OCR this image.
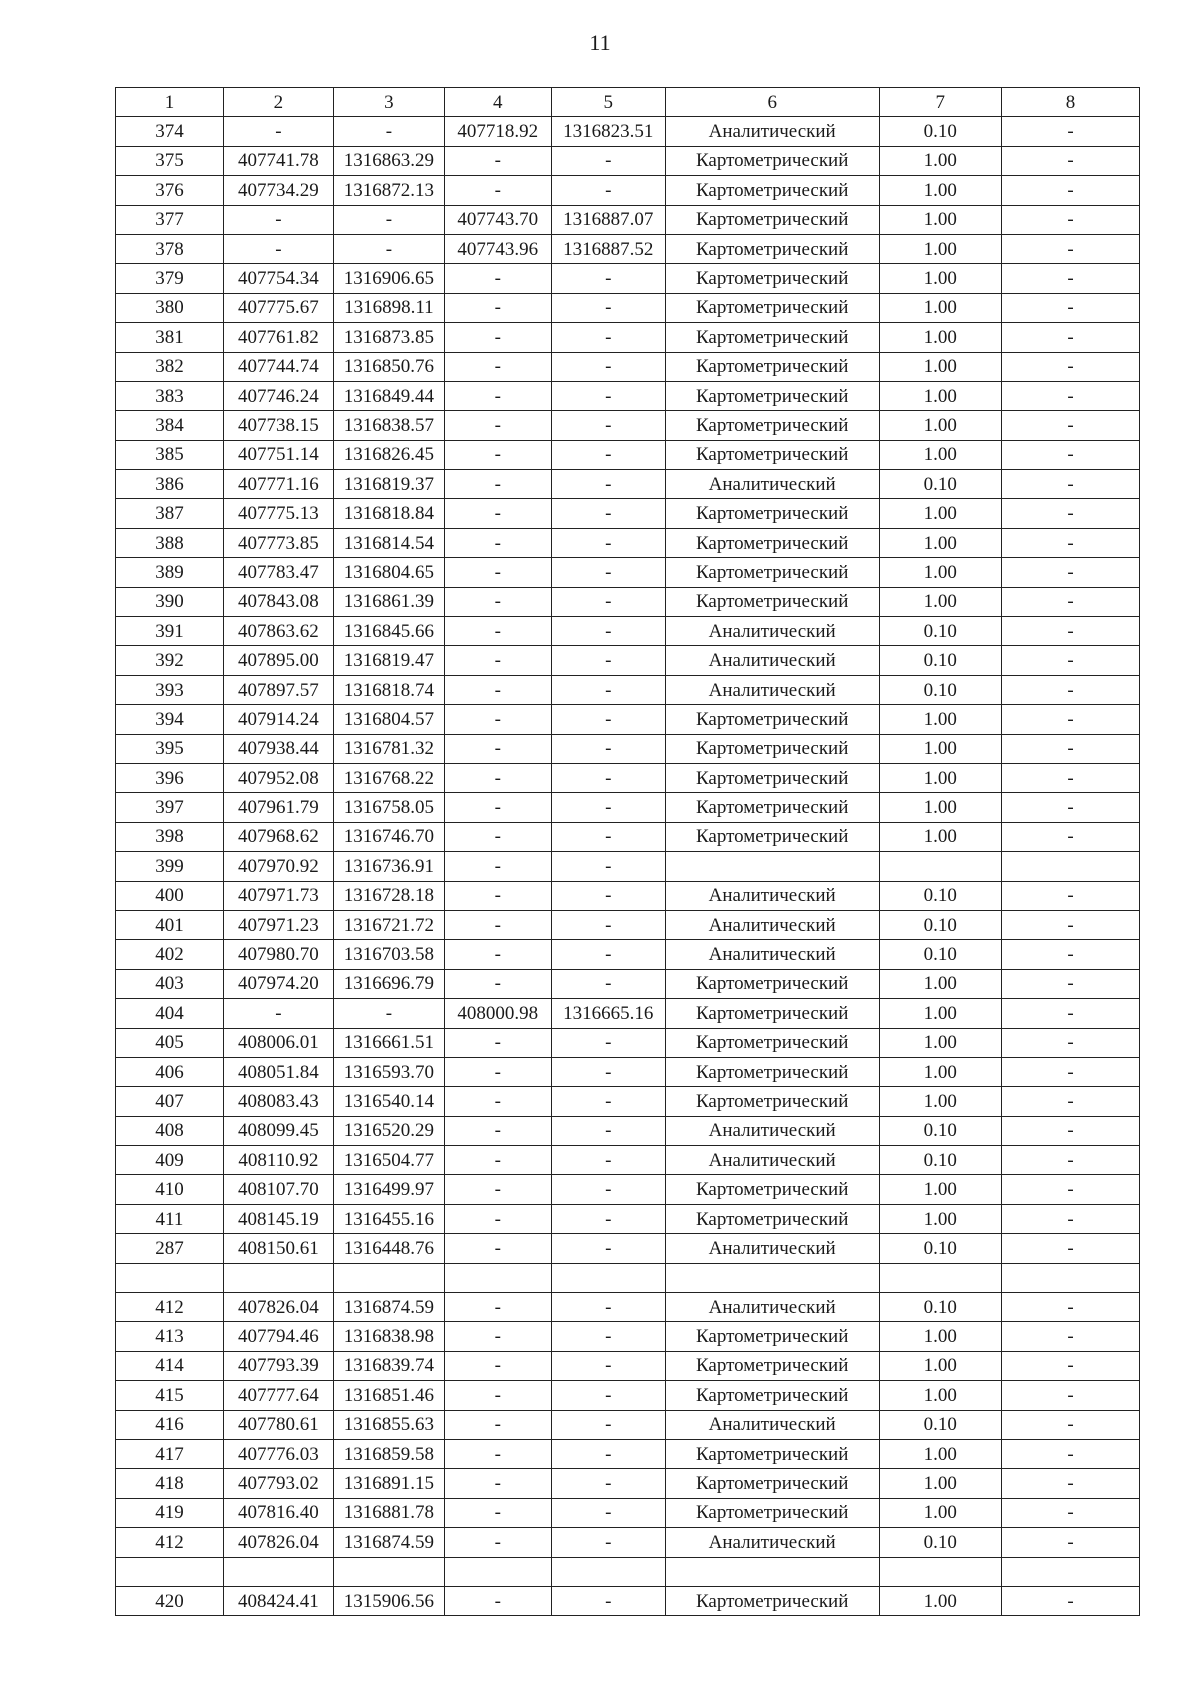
11
1	2	3	4	5	6	7	8
374	-	-	407718.92	1316823.51	Аналитический	0.10	-
375	407741.78	1316863.29	-	-	Картометрический	1.00	-
376	407734.29	1316872.13	-	-	Картометрический	1.00	-
377	-	-	407743.70	1316887.07	Картометрический	1.00	-
378	-	-	407743.96	1316887.52	Картометрический	1.00	-
379	407754.34	1316906.65	-	-	Картометрический	1.00	-
380	407775.67	1316898.11	-	-	Картометрический	1.00	-
381	407761.82	1316873.85	-	-	Картометрический	1.00	-
382	407744.74	1316850.76	-	-	Картометрический	1.00	-
383	407746.24	1316849.44	-	-	Картометрический	1.00	-
384	407738.15	1316838.57	-	-	Картометрический	1.00	-
385	407751.14	1316826.45	-	-	Картометрический	1.00	-
386	407771.16	1316819.37	-	-	Аналитический	0.10	-
387	407775.13	1316818.84	-	-	Картометрический	1.00	-
388	407773.85	1316814.54	-	-	Картометрический	1.00	-
389	407783.47	1316804.65	-	-	Картометрический	1.00	-
390	407843.08	1316861.39	-	-	Картометрический	1.00	-
391	407863.62	1316845.66	-	-	Аналитический	0.10	-
392	407895.00	1316819.47	-	-	Аналитический	0.10	-
393	407897.57	1316818.74	-	-	Аналитический	0.10	-
394	407914.24	1316804.57	-	-	Картометрический	1.00	-
395	407938.44	1316781.32	-	-	Картометрический	1.00	-
396	407952.08	1316768.22	-	-	Картометрический	1.00	-
397	407961.79	1316758.05	-	-	Картометрический	1.00	-
398	407968.62	1316746.70	-	-	Картометрический	1.00	-
399	407970.92	1316736.91	-	-			
400	407971.73	1316728.18	-	-	Аналитический	0.10	-
401	407971.23	1316721.72	-	-	Аналитический	0.10	-
402	407980.70	1316703.58	-	-	Аналитический	0.10	-
403	407974.20	1316696.79	-	-	Картометрический	1.00	-
404	-	-	408000.98	1316665.16	Картометрический	1.00	-
405	408006.01	1316661.51	-	-	Картометрический	1.00	-
406	408051.84	1316593.70	-	-	Картометрический	1.00	-
407	408083.43	1316540.14	-	-	Картометрический	1.00	-
408	408099.45	1316520.29	-	-	Аналитический	0.10	-
409	408110.92	1316504.77	-	-	Аналитический	0.10	-
410	408107.70	1316499.97	-	-	Картометрический	1.00	-
411	408145.19	1316455.16	-	-	Картометрический	1.00	-
287	408150.61	1316448.76	-	-	Аналитический	0.10	-

412	407826.04	1316874.59	-	-	Аналитический	0.10	-
413	407794.46	1316838.98	-	-	Картометрический	1.00	-
414	407793.39	1316839.74	-	-	Картометрический	1.00	-
415	407777.64	1316851.46	-	-	Картометрический	1.00	-
416	407780.61	1316855.63	-	-	Аналитический	0.10	-
417	407776.03	1316859.58	-	-	Картометрический	1.00	-
418	407793.02	1316891.15	-	-	Картометрический	1.00	-
419	407816.40	1316881.78	-	-	Картометрический	1.00	-
412	407826.04	1316874.59	-	-	Аналитический	0.10	-

420	408424.41	1315906.56	-	-	Картометрический	1.00	-
